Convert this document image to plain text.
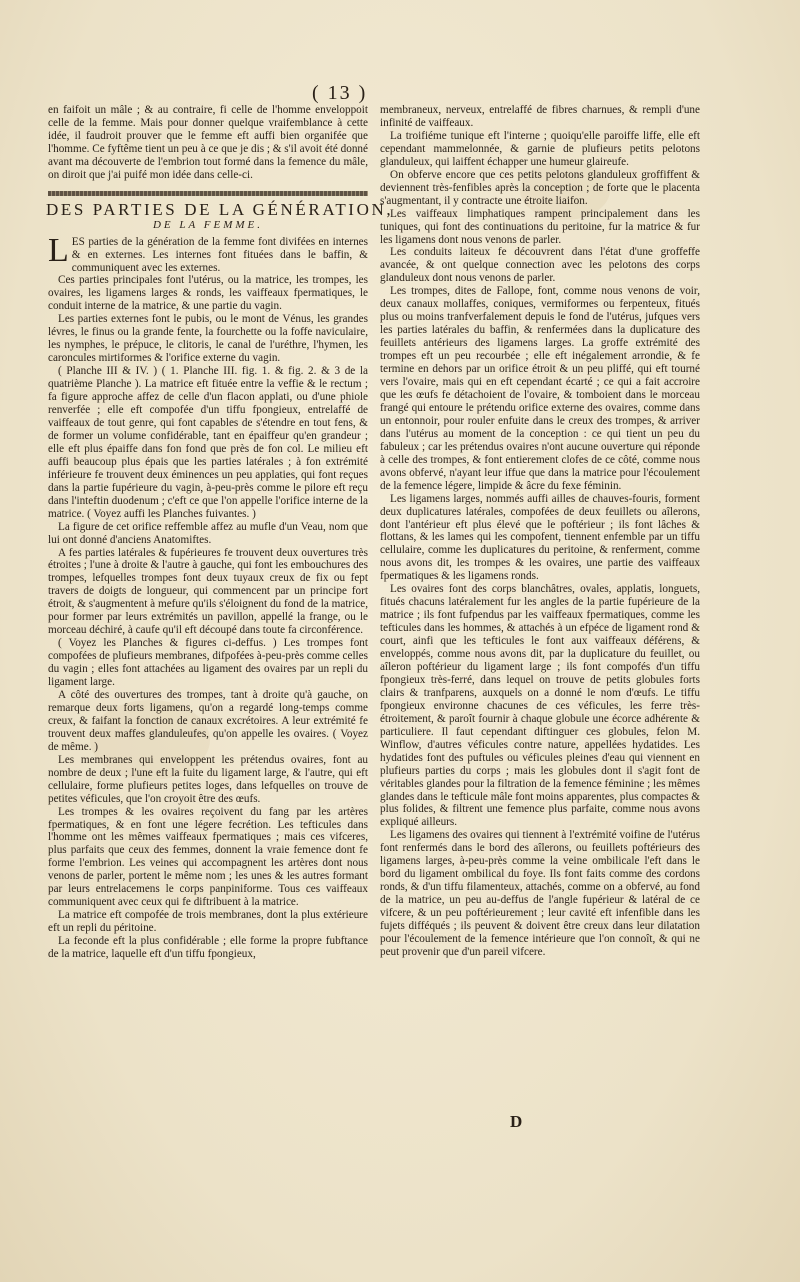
( 13 )

en faifoit un mâle ; & au contraire, fi celle de l'homme enveloppoit celle de la femme. Mais pour donner quelque vraifemblance à cette idée, il faudroit prouver que le femme eft auffi bien organifée que l'homme. Ce fyftême tient un peu à ce que je dis ; & s'il avoit été donné avant ma découverte de l'embrion tout formé dans la femence du mâle, on diroit que j'ai puifé mon idée dans celle-ci.

DES PARTIES DE LA GÉNÉRATION,
DE LA FEMME.

LES parties de la génération de la femme font divifées en internes & en externes. Les internes font fituées dans le baffin, & communiquent avec les externes.

Ces parties principales font l'utérus, ou la matrice, les trompes, les ovaires, les ligamens larges & ronds, les vaiffeaux fpermatiques, le conduit interne de la matrice, & une partie du vagin.

Les parties externes font le pubis, ou le mont de Vénus, les grandes lévres, le finus ou la grande fente, la fourchette ou la foffe naviculaire, les nymphes, le prépuce, le clitoris, le canal de l'uréthre, l'hymen, les caroncules mirtiformes & l'orifice externe du vagin.

( Planche III & IV. ) ( 1. Planche III. fig. 1. & fig. 2. & 3 de la quatrième Planche ). La matrice eft fituée entre la veffie & le rectum ; fa figure approche affez de celle d'un flacon applati, ou d'une phiole renverfée ; elle eft compofée d'un tiffu fpongieux, entrelaffé de vaiffeaux de tout genre, qui font capables de s'étendre en tout fens, & de former un volume confidérable, tant en épaiffeur qu'en grandeur ; elle eft plus épaiffe dans fon fond que près de fon col. Le milieu eft auffi beaucoup plus épais que les parties latérales ; à fon extrémité inférieure fe trouvent deux éminences un peu applaties, qui font reçues dans la partie fupérieure du vagin, à-peu-près comme le pilore eft reçu dans l'inteftin duodenum ; c'eft ce que l'on appelle l'orifice interne de la matrice. ( Voyez auffi les Planches fuivantes. )

La figure de cet orifice reffemble affez au mufle d'un Veau, nom que lui ont donné d'anciens Anatomiftes.

A fes parties latérales & fupérieures fe trouvent deux ouvertures très étroites ; l'une à droite & l'autre à gauche, qui font les embouchures des trompes, lefquelles trompes font deux tuyaux creux de fix ou fept travers de doigts de longueur, qui commencent par un principe fort étroit, & s'augmentent à mefure qu'ils s'éloignent du fond de la matrice, pour former par leurs extrémités un pavillon, appellé la frange, ou le morceau déchiré, à caufe qu'il eft découpé dans toute fa circonférence.

( Voyez les Planches & figures ci-deffus. ) Les trompes font compofées de plufieurs membranes, difpofées à-peu-près comme celles du vagin ; elles font attachées au ligament des ovaires par un repli du ligament large.

A côté des ouvertures des trompes, tant à droite qu'à gauche, on remarque deux forts ligamens, qu'on a regardé long-temps comme creux, & faifant la fonction de canaux excrétoires. A leur extrémité fe trouvent deux maffes glanduleufes, qu'on appelle les ovaires. ( Voyez de même. )

Les membranes qui enveloppent les prétendus ovaires, font au nombre de deux ; l'une eft la fuite du ligament large, & l'autre, qui eft cellulaire, forme plufieurs petites loges, dans lefquelles on trouve de petites véficules, que l'on croyoit être des œufs.

Les trompes & les ovaires reçoivent du fang par les artères fpermatiques, & en font une légere fecrétion. Les tefticules dans l'homme ont les mêmes vaiffeaux fpermatiques ; mais ces vifceres, plus parfaits que ceux des femmes, donnent la vraie femence dont fe forme l'embrion. Les veines qui accompagnent les artères dont nous venons de parler, portent le même nom ; les unes & les autres formant par leurs entrelacemens le corps panpiniforme. Tous ces vaiffeaux communiquent avec ceux qui fe diftribuent à la matrice.

La matrice eft compofée de trois membranes, dont la plus extérieure eft un repli du péritoine.

La feconde eft la plus confidérable ; elle forme la propre fubftance de la matrice, laquelle eft d'un tiffu fpongieux,

membraneux, nerveux, entrelaffé de fibres charnues, & rempli d'une infinité de vaiffeaux.

La troifiéme tunique eft l'interne ; quoiqu'elle paroiffe liffe, elle eft cependant mammelonnée, & garnie de plufieurs petits pelotons glanduleux, qui laiffent échapper une humeur glaireufe.

On obferve encore que ces petits pelotons glanduleux groffiffent & deviennent très-fenfibles après la conception ; de forte que le placenta s'augmentant, il y contracte une étroite liaifon.

Les vaiffeaux limphatiques rampent principalement dans les tuniques, qui font des continuations du peritoine, fur la matrice & fur les ligamens dont nous venons de parler.

Les conduits laiteux fe découvrent dans l'état d'une groffeffe avancée, & ont quelque connection avec les pelotons des corps glanduleux dont nous venons de parler.

Les trompes, dites de Fallope, font, comme nous venons de voir, deux canaux mollaffes, coniques, vermiformes ou ferpenteux, fitués plus ou moins tranfverfalement depuis le fond de l'utérus, jufques vers les parties latérales du baffin, & renfermées dans la duplicature des feuillets antérieurs des ligamens larges. La groffe extrémité des trompes eft un peu recourbée ; elle eft inégalement arrondie, & fe termine en dehors par un orifice étroit & un peu pliffé, qui eft tourné vers l'ovaire, mais qui en eft cependant écarté ; ce qui a fait accroire que les œufs fe détachoient de l'ovaire, & tomboient dans le morceau frangé qui entoure le prétendu orifice externe des ovaires, comme dans un entonnoir, pour rouler enfuite dans le creux des trompes, & arriver dans l'utérus au moment de la conception : ce qui tient un peu du fabuleux ; car les prétendus ovaires n'ont aucune ouverture qui réponde à celle des trompes, & font entierement clofes de ce côté, comme nous avons obfervé, n'ayant leur iffue que dans la matrice pour l'écoulement de la femence légere, limpide & âcre du fexe féminin.

Les ligamens larges, nommés auffi ailles de chauves-fouris, forment deux duplicatures latérales, compofées de deux feuillets ou aîlerons, dont l'antérieur eft plus élevé que le poftérieur ; ils font lâches & flottans, & les lames qui les compofent, tiennent enfemble par un tiffu cellulaire, comme les duplicatures du peritoine, & renferment, comme nous avons dit, les trompes & les ovaires, une partie des vaiffeaux fpermatiques & les ligamens ronds.

Les ovaires font des corps blanchâtres, ovales, applatis, longuets, fitués chacuns latéralement fur les angles de la partie fupérieure de la matrice ; ils font fufpendus par les vaiffeaux fpermatiques, comme les tefticules dans les hommes, & attachés à un efpéce de ligament rond & court, ainfi que les tefticules le font aux vaiffeaux déférens, & enveloppés, comme nous avons dit, par la duplicature du feuillet, ou aîleron poftérieur du ligament large ; ils font compofés d'un tiffu fpongieux très-ferré, dans lequel on trouve de petits globules forts clairs & tranfparens, auxquels on a donné le nom d'œufs. Le tiffu fpongieux environne chacunes de ces véficules, les ferre très-étroitement, & paroît fournir à chaque globule une écorce adhérente & particuliere. Il faut cependant diftinguer ces globules, felon M. Winflow, d'autres véficules contre nature, appellées hydatides. Les hydatides font des puftules ou véficules pleines d'eau qui viennent en plufieurs parties du corps ; mais les globules dont il s'agit font de véritables glandes pour la filtration de la femence féminine ; les mêmes glandes dans le tefticule mâle font moins apparentes, plus compactes & plus folides, & filtrent une femence plus parfaite, comme nous avons expliqué ailleurs.

Les ligamens des ovaires qui tiennent à l'extrémité voifine de l'utérus font renfermés dans le bord des aîlerons, ou feuillets poftérieurs des ligamens larges, à-peu-près comme la veine ombilicale l'eft dans le bord du ligament ombilical du foye. Ils font faits comme des cordons ronds, & d'un tiffu filamenteux, attachés, comme on a obfervé, au fond de la matrice, un peu au-deffus de l'angle fupérieur & latéral de ce vifcere, & un peu poftérieurement ; leur cavité eft infenfible dans les fujets difféqués ; ils peuvent & doivent être creux dans leur dilatation pour l'écoulement de la femence intérieure que l'on connoît, & qui ne peut provenir que d'un pareil vifcere.

D
